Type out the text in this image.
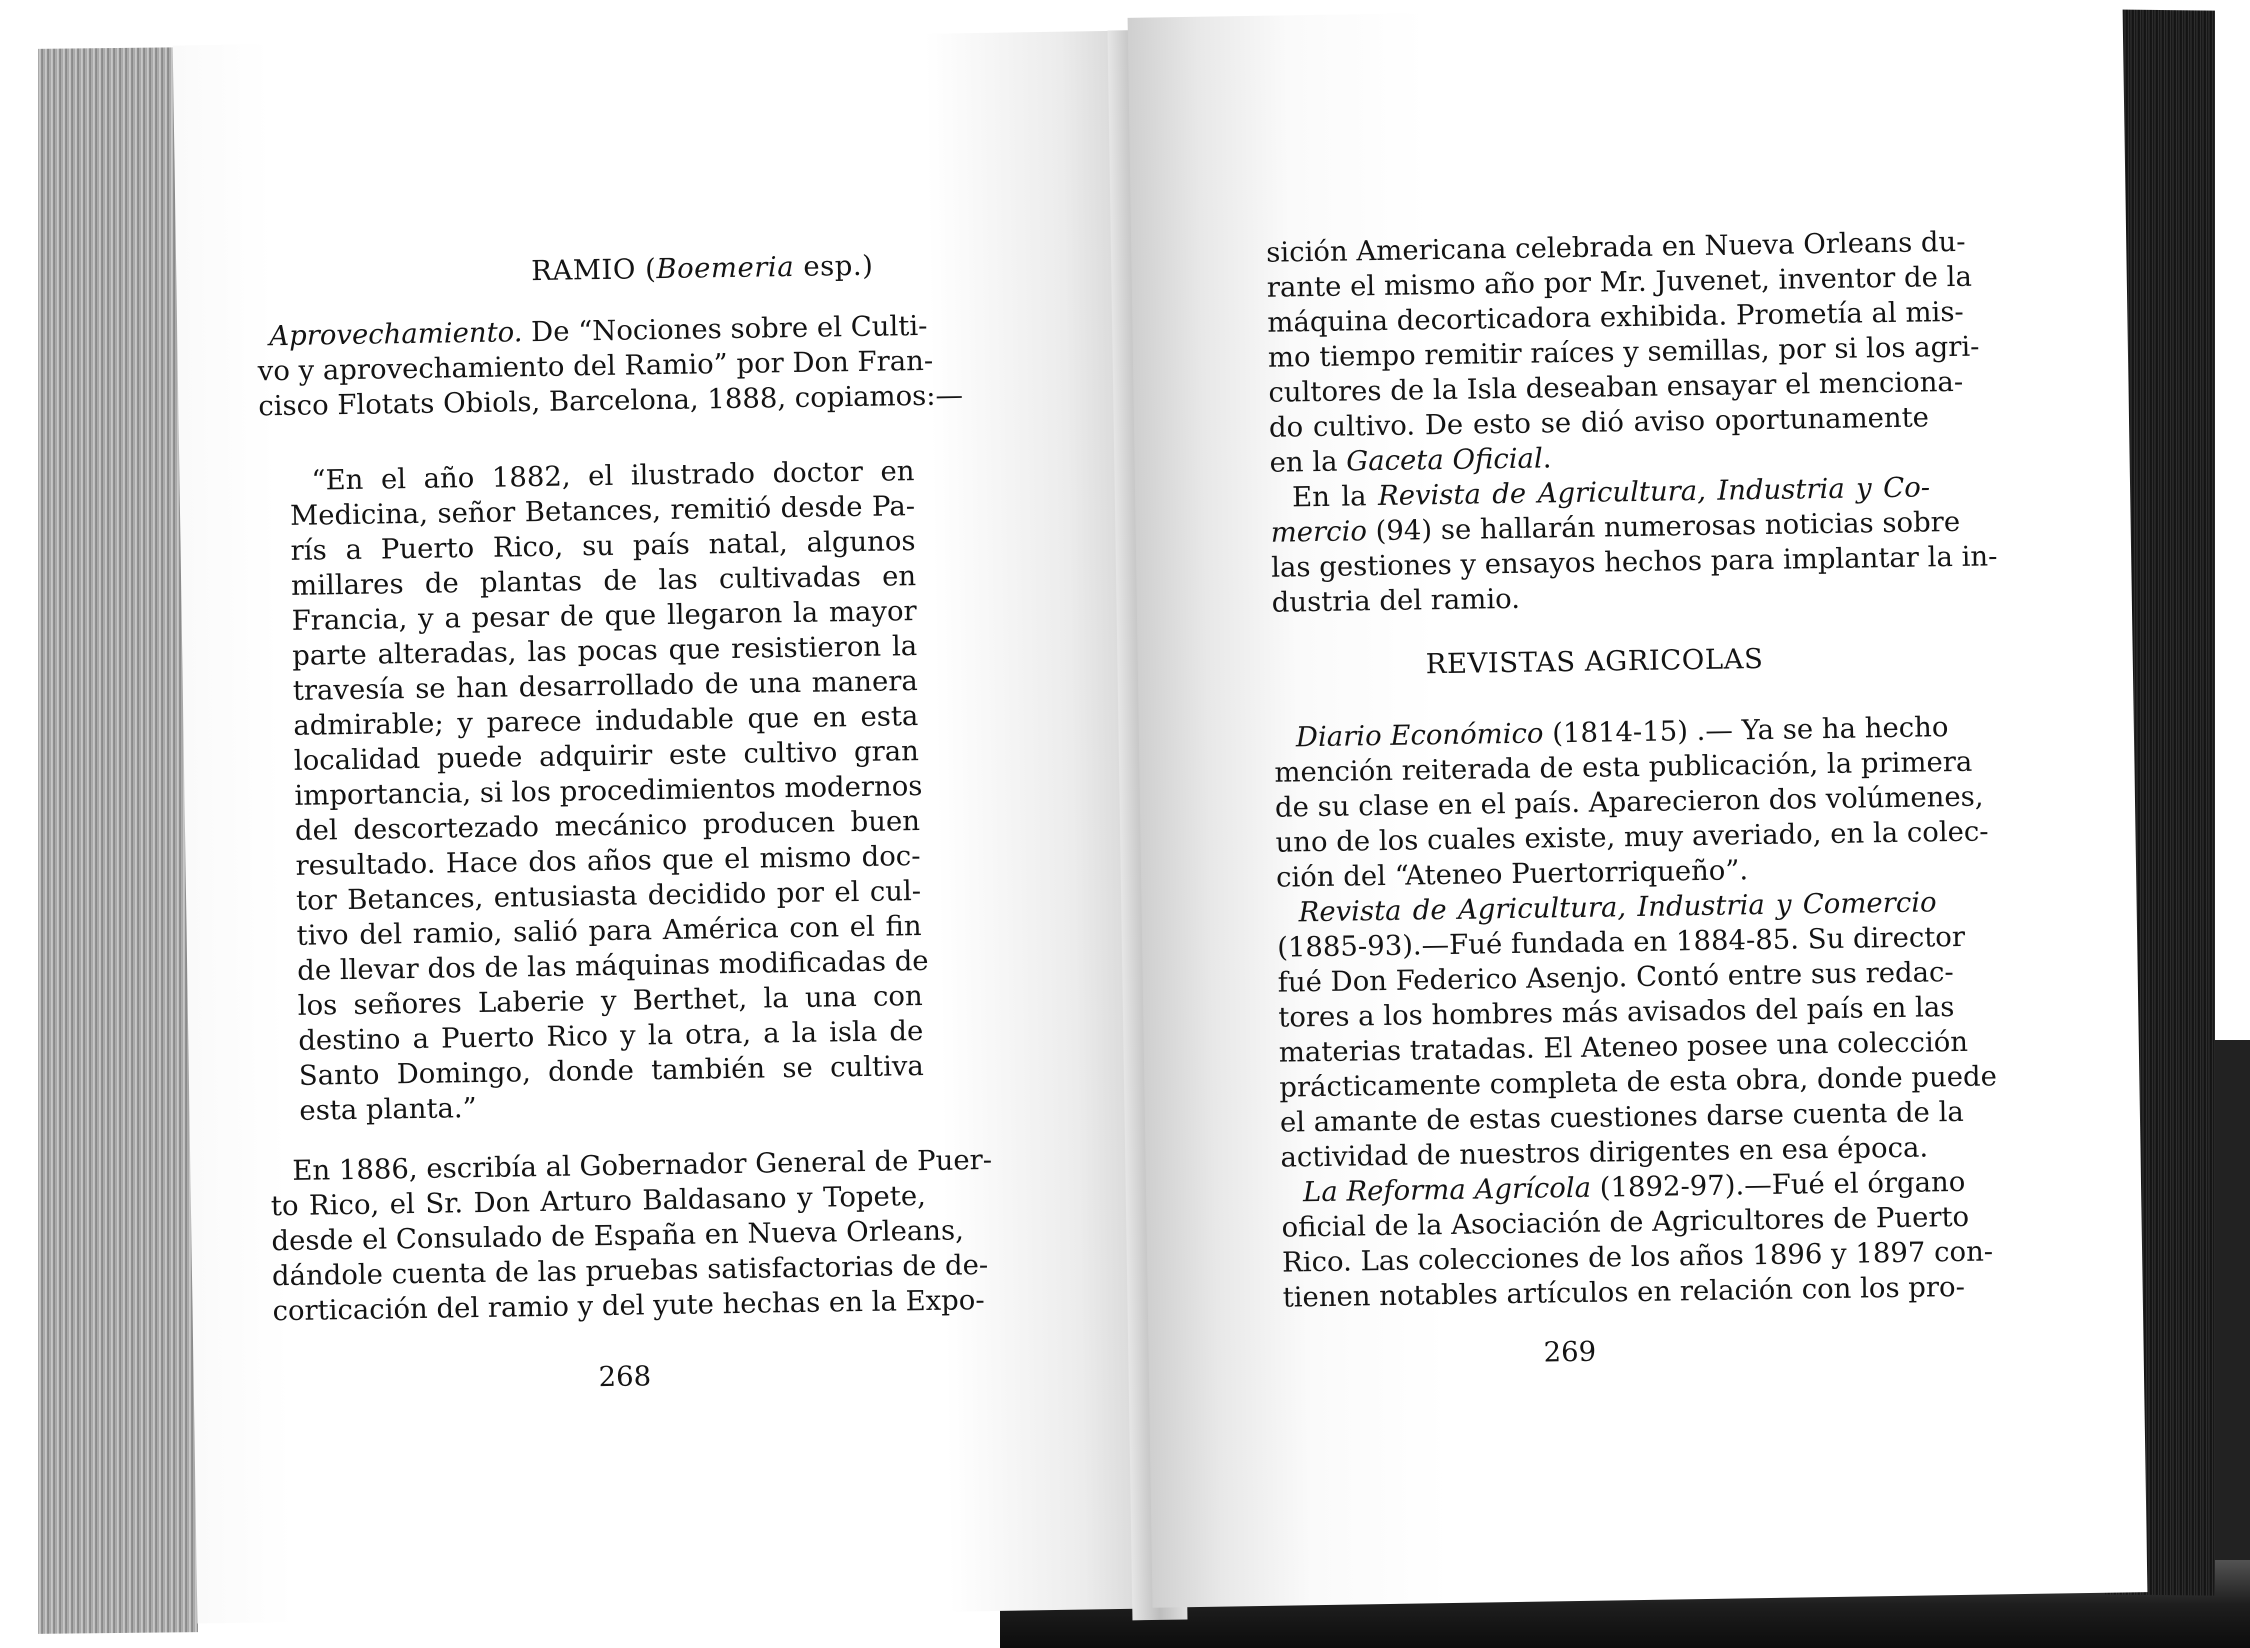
RAMIO (Boemeria esp.)
Aprovechamiento. De “Nociones sobre el Culti-
vo y aprovechamiento del Ramio” por Don Fran-
cisco Flotats Obiols, Barcelona, 1888, copiamos:—
“En el año 1882, el ilustrado doctor en
Medicina, señor Betances, remitió desde Pa-
rís a Puerto Rico, su país natal, algunos
millares de plantas de las cultivadas en
Francia, y a pesar de que llegaron la mayor
parte alteradas, las pocas que resistieron la
travesía se han desarrollado de una manera
admirable; y parece indudable que en esta
localidad puede adquirir este cultivo gran
importancia, si los procedimientos modernos
del descortezado mecánico producen buen
resultado. Hace dos años que el mismo doc-
tor Betances, entusiasta decidido por el cul-
tivo del ramio, salió para América con el fin
de llevar dos de las máquinas modificadas de
los señores Laberie y Berthet, la una con
destino a Puerto Rico y la otra, a la isla de
Santo Domingo, donde también se cultiva
esta planta.”
En 1886, escribía al Gobernador General de Puer-
to Rico, el Sr. Don Arturo Baldasano y Topete,
desde el Consulado de España en Nueva Orleans,
dándole cuenta de las pruebas satisfactorias de de-
corticación del ramio y del yute hechas en la Expo-
268
sición Americana celebrada en Nueva Orleans du-
rante el mismo año por Mr. Juvenet, inventor de la
máquina decorticadora exhibida. Prometía al mis-
mo tiempo remitir raíces y semillas, por si los agri-
cultores de la Isla deseaban ensayar el menciona-
do cultivo. De esto se dió aviso oportunamente
en la Gaceta Oficial.
En la Revista de Agricultura, Industria y Co-
mercio (94) se hallarán numerosas noticias sobre
las gestiones y ensayos hechos para implantar la in-
dustria del ramio.
REVISTAS AGRICOLAS
Diario Económico (1814-15) .— Ya se ha hecho
mención reiterada de esta publicación, la primera
de su clase en el país. Aparecieron dos volúmenes,
uno de los cuales existe, muy averiado, en la colec-
ción del “Ateneo Puertorriqueño”.
Revista de Agricultura, Industria y Comercio
(1885-93).—Fué fundada en 1884-85. Su director
fué Don Federico Asenjo. Contó entre sus redac-
tores a los hombres más avisados del país en las
materias tratadas. El Ateneo posee una colección
prácticamente completa de esta obra, donde puede
el amante de estas cuestiones darse cuenta de la
actividad de nuestros dirigentes en esa época.
La Reforma Agrícola (1892-97).—Fué el órgano
oficial de la Asociación de Agricultores de Puerto
Rico. Las colecciones de los años 1896 y 1897 con-
tienen notables artículos en relación con los pro-
269
